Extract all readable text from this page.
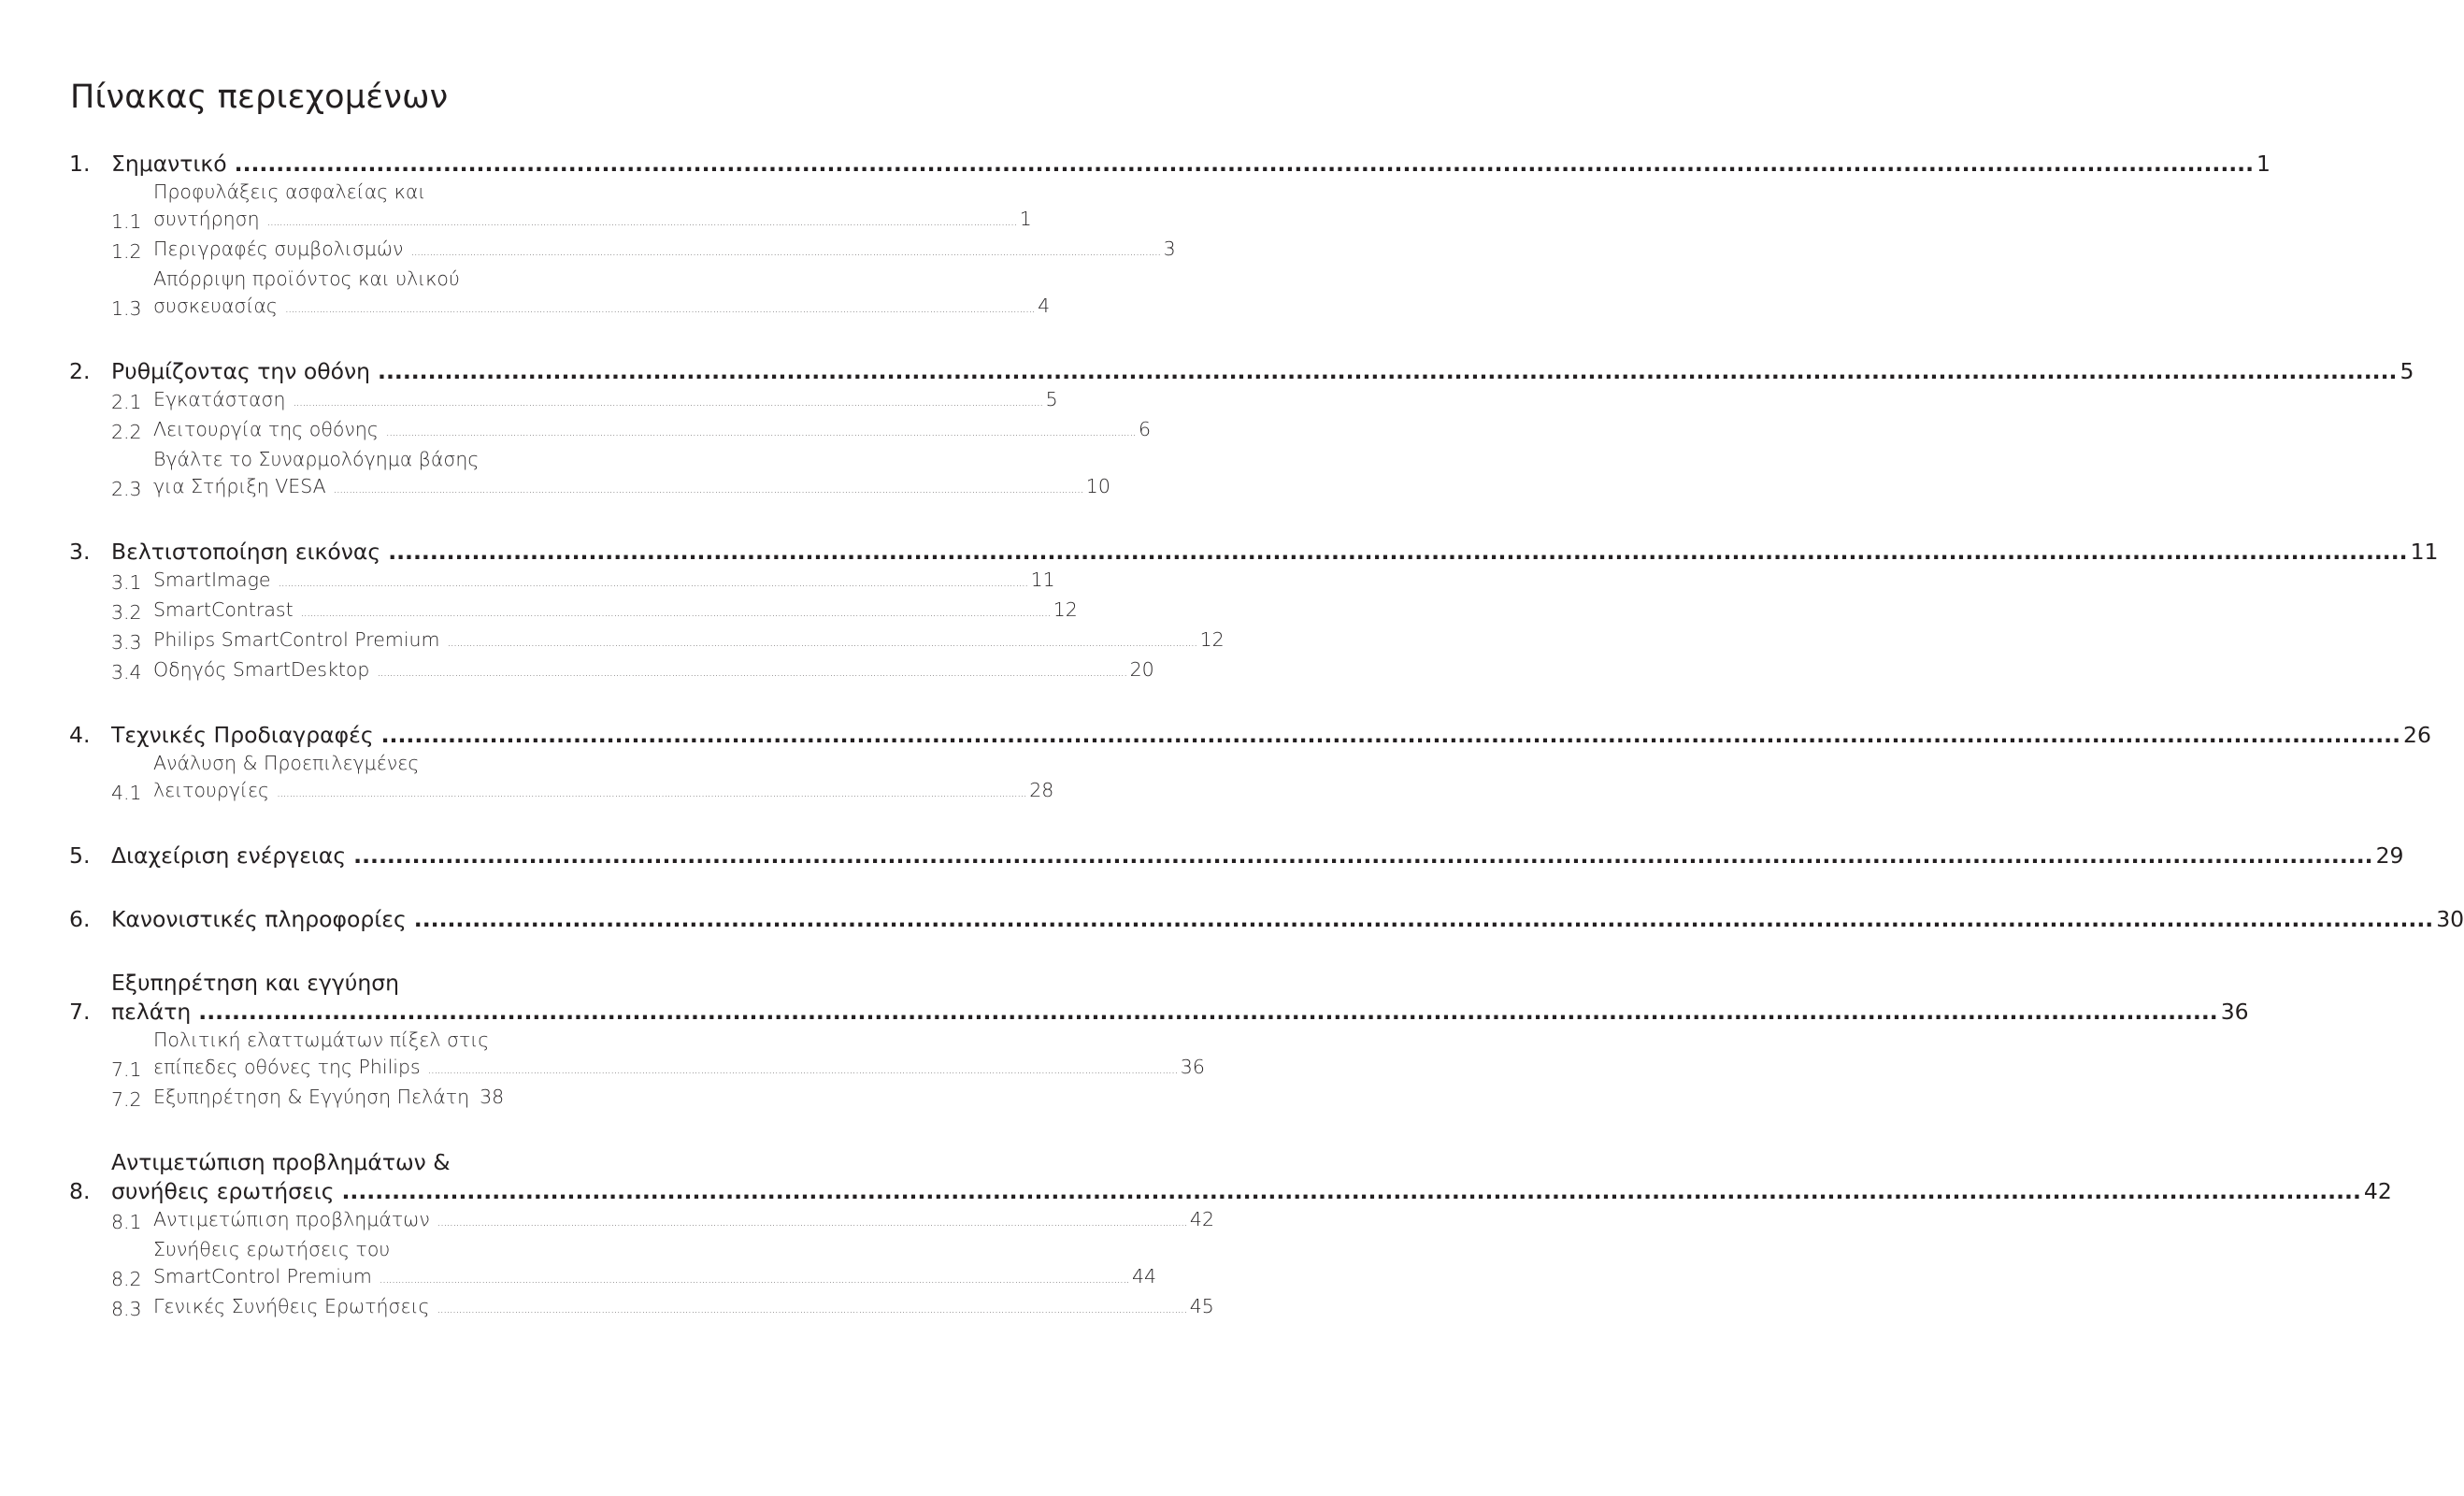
Πίνακας περιεχομένων
1. Σημαντικό .................................................................................................................................................................................................................................................. 1
1.1
Προφυλάξεις ασφαλείας και
συντήρηση .................................................................................................................................................................................................................................................. 1
1.2 Περιγραφές συμβολισμών .................................................................................................................................................................................................................................................. 3
1.3
Απόρριψη προϊόντος και υλικού
συσκευασίας .................................................................................................................................................................................................................................................. 4
2. Ρυθμίζοντας την οθόνη .................................................................................................................................................................................................................................................. 5
2.1 Εγκατάσταση .................................................................................................................................................................................................................................................. 5
2.2 Λειτουργία της οθόνης .................................................................................................................................................................................................................................................. 6
2.3
Βγάλτε το Συναρμολόγημα βάσης
για Στήριξη VESA .................................................................................................................................................................................................................................................. 10
3. Βελτιστοποίηση εικόνας .................................................................................................................................................................................................................................................. 11
3.1 SmartImage .................................................................................................................................................................................................................................................. 11
3.2 SmartContrast .................................................................................................................................................................................................................................................. 12
3.3 Philips SmartControl Premium .................................................................................................................................................................................................................................................. 12
3.4 Οδηγός SmartDesktop .................................................................................................................................................................................................................................................. 20
4. Τεχνικές Προδιαγραφές .................................................................................................................................................................................................................................................. 26
4.1
Ανάλυση & Προεπιλεγμένες
λειτουργίες .................................................................................................................................................................................................................................................. 28
5. Διαχείριση ενέργειας .................................................................................................................................................................................................................................................. 29
6. Κανονιστικές πληροφορίες .................................................................................................................................................................................................................................................. 30
7.
Εξυπηρέτηση και εγγύηση
πελάτη .................................................................................................................................................................................................................................................. 36
7.1
Πολιτική ελαττωμάτων πίξελ στις
επίπεδες οθόνες της Philips .................................................................................................................................................................................................................................................. 36
7.2 Εξυπηρέτηση & Εγγύηση Πελάτη 38
8.
Αντιμετώπιση προβλημάτων &
συνήθεις ερωτήσεις .................................................................................................................................................................................................................................................. 42
8.1 Αντιμετώπιση προβλημάτων .................................................................................................................................................................................................................................................. 42
8.2
Συνήθεις ερωτήσεις του
SmartControl Premium .................................................................................................................................................................................................................................................. 44
8.3 Γενικές Συνήθεις Ερωτήσεις .................................................................................................................................................................................................................................................. 45
